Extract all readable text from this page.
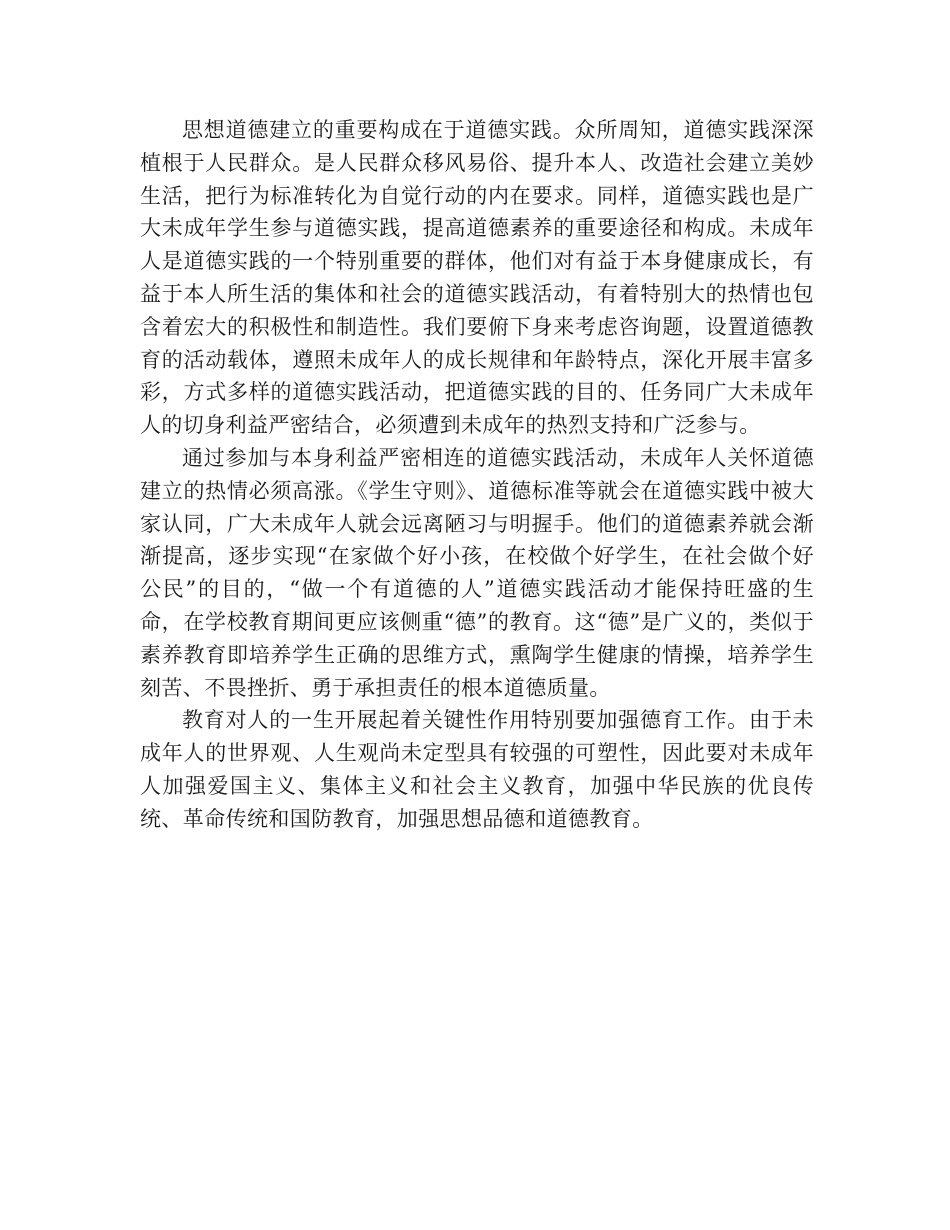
思想道德建立的重要构成在于道德实践。众所周知，道德实践深深植根于人民群众。是人民群众移风易俗、提升本人、改造社会建立美妙生活，把行为标准转化为自觉行动的内在要求。同样，道德实践也是广大未成年学生参与道德实践，提高道德素养的重要途径和构成。未成年人是道德实践的一个特别重要的群体，他们对有益于本身健康成长，有益于本人所生活的集体和社会的道德实践活动，有着特别大的热情也包含着宏大的积极性和制造性。我们要俯下身来考虑咨询题，设置道德教育的活动载体，遵照未成年人的成长规律和年龄特点，深化开展丰富多彩，方式多样的道德实践活动，把道德实践的目的、任务同广大未成年人的切身利益严密结合，必须遭到未成年的热烈支持和广泛参与。

通过参加与本身利益严密相连的道德实践活动，未成年人关怀道德建立的热情必须高涨。《学生守则》、道德标准等就会在道德实践中被大家认同，广大未成年人就会远离陋习与明握手。他们的道德素养就会渐渐提高，逐步实现“在家做个好小孩，在校做个好学生，在社会做个好公民”的目的，“做一个有道德的人”道德实践活动才能保持旺盛的生命，在学校教育期间更应该侧重“德”的教育。这“德”是广义的，类似于素养教育即培养学生正确的思维方式，熏陶学生健康的情操，培养学生刻苦、不畏挫折、勇于承担责任的根本道德质量。

教育对人的一生开展起着关键性作用特别要加强德育工作。由于未成年人的世界观、人生观尚未定型具有较强的可塑性，因此要对未成年人加强爱国主义、集体主义和社会主义教育，加强中华民族的优良传统、革命传统和国防教育，加强思想品德和道德教育。
